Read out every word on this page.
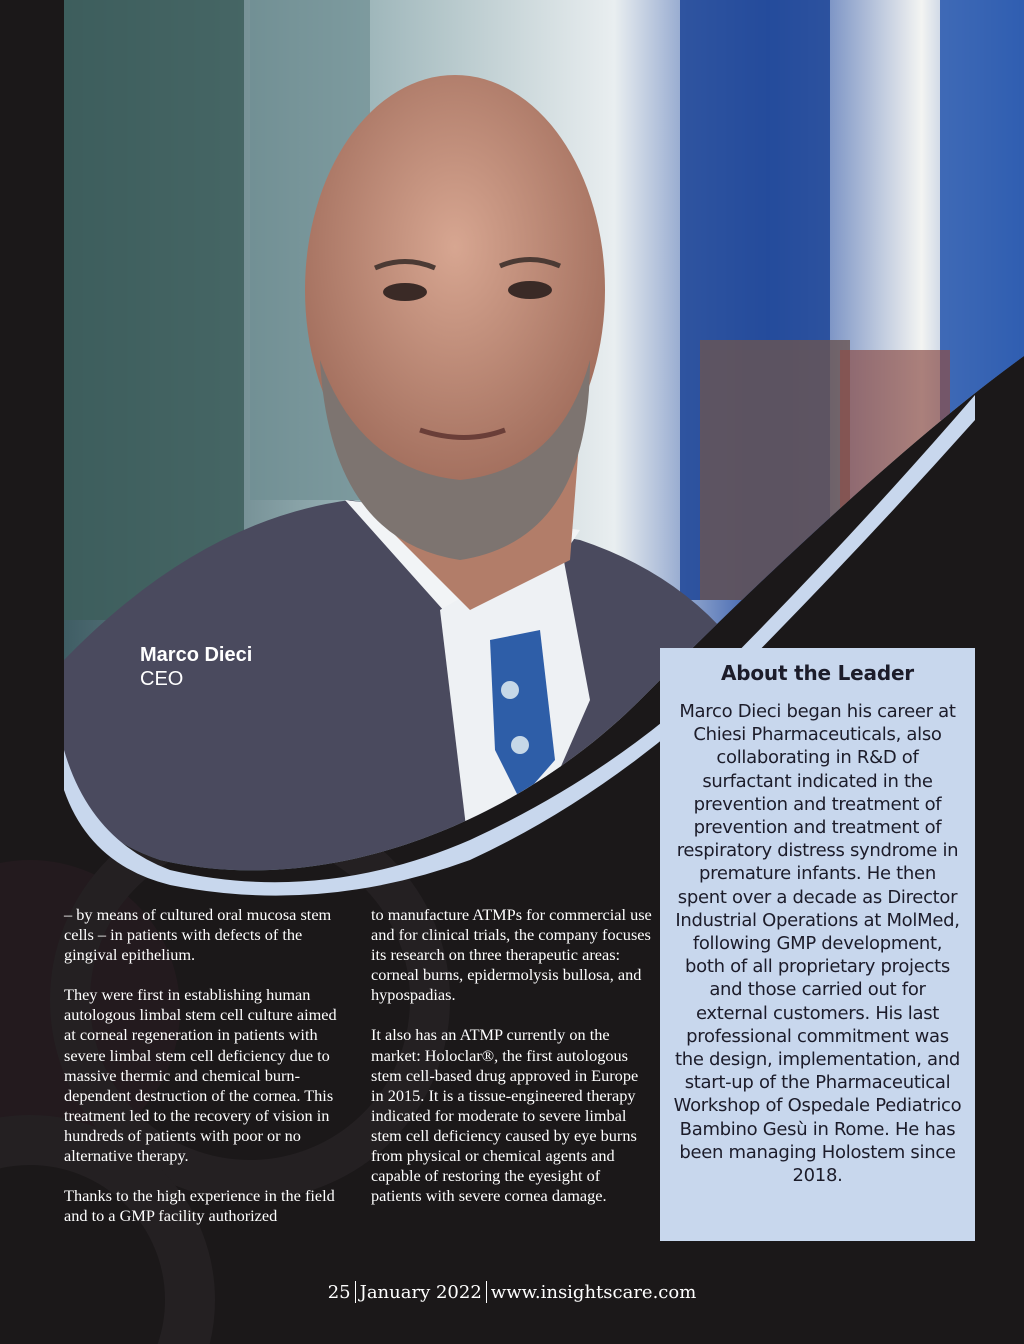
Marco Dieci
CEO	About the Leader

Marco Dieci began his career at Chiesi Pharmaceuticals, also collaborating in R&D of surfactant indicated in the prevention and treatment of prevention and treatment of respiratory distress syndrome in premature infants. He then spent over a decade as Director Industrial Operations at MolMed, following GMP development, both of all proprietary projects and those carried out for external customers. His last professional commitment was the design, implementation, and start-up of the Pharmaceutical Workshop of Ospedale Pediatrico Bambino Gesù in Rome. He has been managing Holostem since 2018.

– by means of cultured oral mucosa stem cells – in patients with defects of the gingival epithelium.

They were first in establishing human autologous limbal stem cell culture aimed at corneal regeneration in patients with severe limbal stem cell deficiency due to massive thermic and chemical burn-dependent destruction of the cornea. This treatment led to the recovery of vision in hundreds of patients with poor or no alternative therapy.

Thanks to the high experience in the field and to a GMP facility authorized

to manufacture ATMPs for commercial use and for clinical trials, the company focuses its research on three therapeutic areas: corneal burns, epidermolysis bullosa, and hypospadias.

It also has an ATMP currently on the market: Holoclar®, the first autologous stem cell-based drug approved in Europe in 2015. It is a tissue-engineered therapy indicated for moderate to severe limbal stem cell deficiency caused by eye burns from physical or chemical agents and capable of restoring the eyesight of patients with severe cornea damage.

25 January 2022 www.insightscare.com
